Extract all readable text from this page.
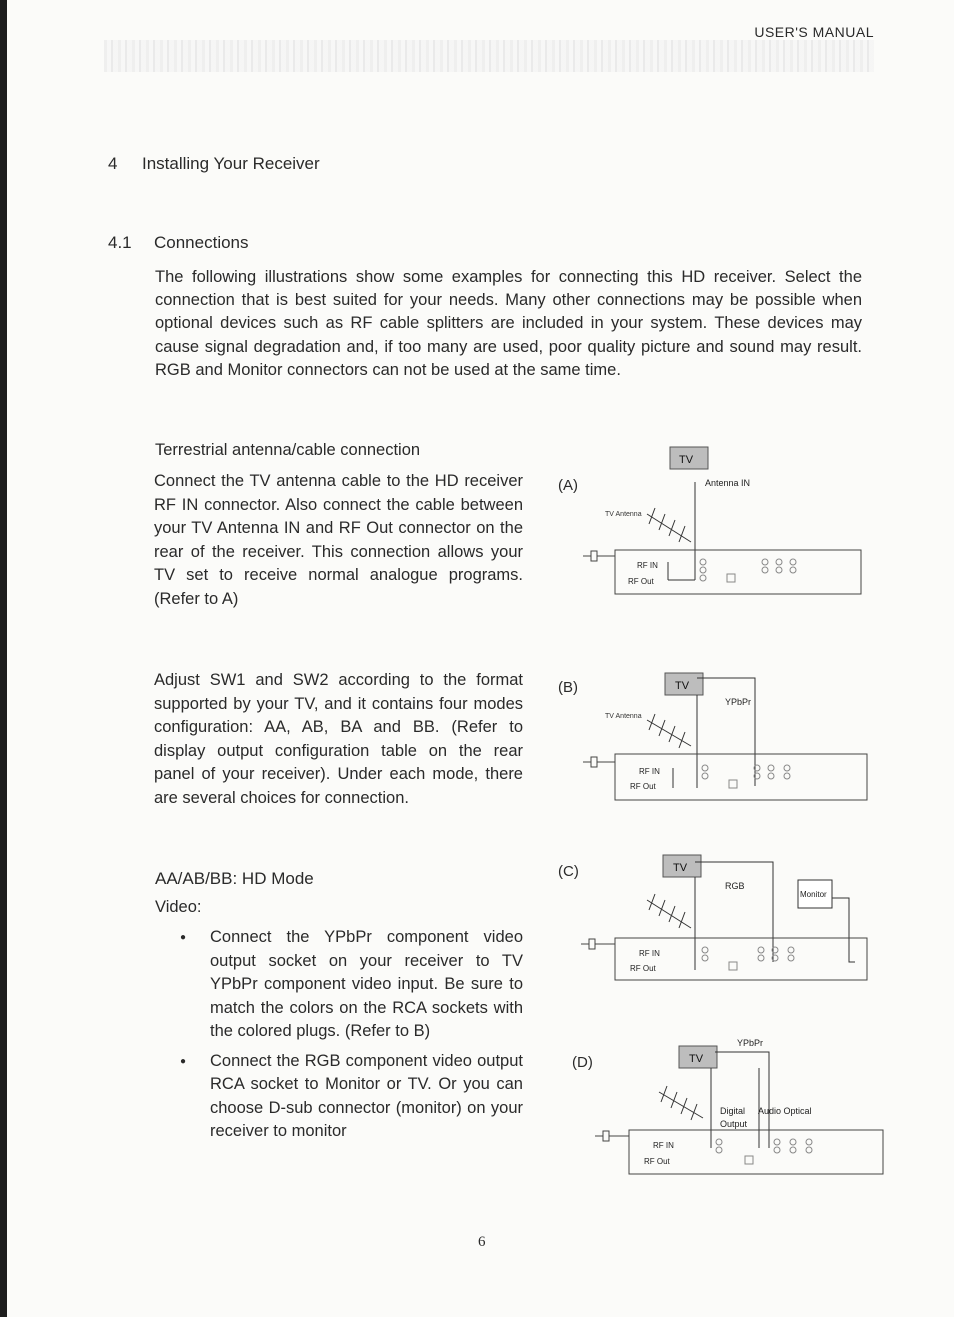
USER'S MANUAL
4 Installing Your Receiver
4.1 Connections
The following illustrations show some examples for connecting this HD receiver. Select the connection that is best suited for your needs. Many other connections may be possible when optional devices such as RF cable splitters are included in your system. These devices may cause signal degradation and, if too many are used, poor quality picture and sound may result. RGB and Monitor connectors can not be used at the same time.
Terrestrial antenna/cable connection
Connect the TV antenna cable to the HD receiver RF IN connector. Also connect the cable between your TV Antenna IN and RF Out connector on the rear of the receiver. This connection allows your TV set to receive normal analogue programs. (Refer to A)
Adjust SW1 and SW2 according to the format supported by your TV, and it contains four modes configuration: AA, AB, BA and BB. (Refer to display output configuration table on the rear panel of your receiver). Under each mode, there are several choices for connection.
AA/AB/BB: HD Mode
Video:
● Connect the YPbPr component video output socket on your receiver to TV YPbPr component video input. Be sure to match the colors on the RCA sockets with the colored plugs. (Refer to B)
● Connect the RGB component video output RCA socket to Monitor or TV. Or you can choose D-sub connector (monitor) on your receiver to monitor
(A)
TV
Antenna IN
TV Antenna
RF IN
RF Out
(B)	TV
YPbPr
TV Antenna
RF IN
RF Out
(C)	TV
RGB
Monitor
RF IN
RF Out
(D)
YPbPr
TV
Digital Audio Optical
Output
RF IN
RF Out
6
